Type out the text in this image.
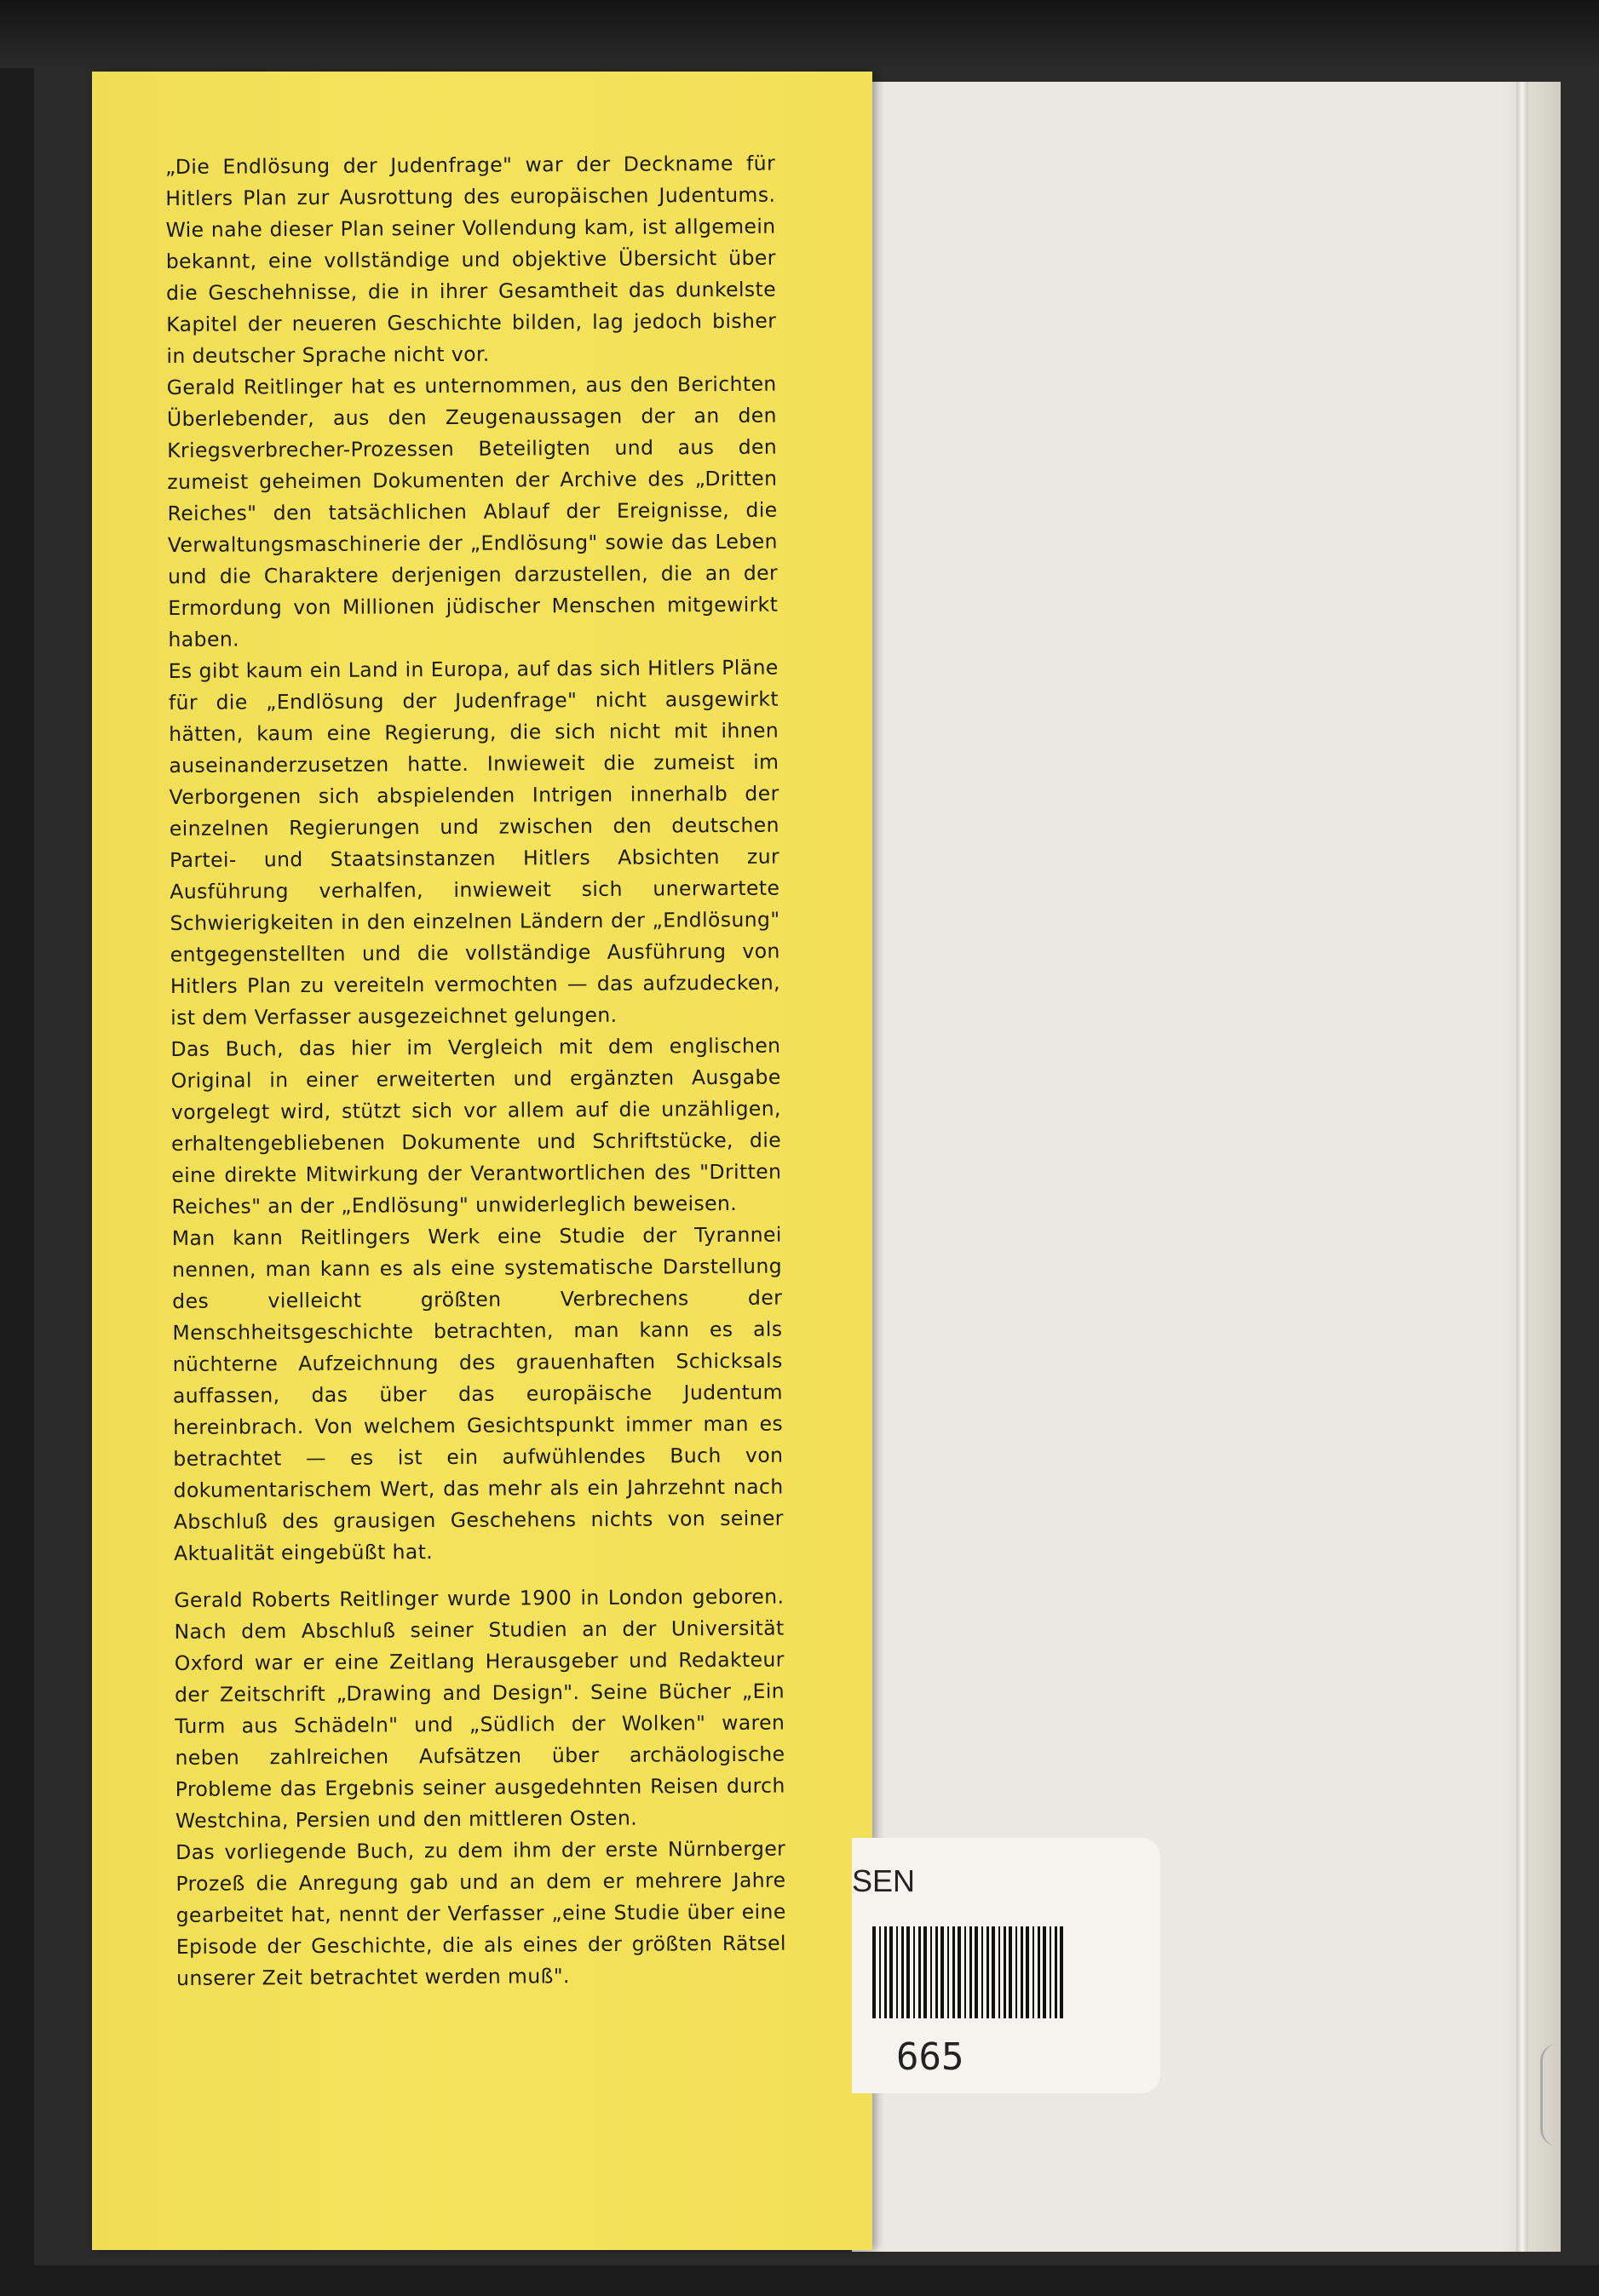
„Die Endlösung der Judenfrage" war der Deckname für Hitlers Plan zur Ausrottung des europäischen Judentums. Wie nahe dieser Plan seiner Vollendung kam, ist allgemein bekannt, eine vollständige und objektive Übersicht über die Geschehnisse, die in ihrer Gesamtheit das dunkelste Kapitel der neueren Geschichte bilden, lag jedoch bisher in deutscher Sprache nicht vor.

Gerald Reitlinger hat es unternommen, aus den Berichten Überlebender, aus den Zeugenaussagen der an den Kriegsverbrecher-Prozessen Beteiligten und aus den zumeist geheimen Dokumenten der Archive des „Dritten Reiches" den tatsächlichen Ablauf der Ereignisse, die Verwaltungsmaschinerie der „Endlösung" sowie das Leben und die Charaktere derjenigen darzustellen, die an der Ermordung von Millionen jüdischer Menschen mitgewirkt haben.

Es gibt kaum ein Land in Europa, auf das sich Hitlers Pläne für die „Endlösung der Judenfrage" nicht ausgewirkt hätten, kaum eine Regierung, die sich nicht mit ihnen auseinanderzusetzen hatte. Inwieweit die zumeist im Verborgenen sich abspielenden Intrigen innerhalb der einzelnen Regierungen und zwischen den deutschen Partei- und Staatsinstanzen Hitlers Absichten zur Ausführung verhalfen, inwieweit sich unerwartete Schwierigkeiten in den einzelnen Ländern der „Endlösung" entgegenstellten und die vollständige Ausführung von Hitlers Plan zu vereiteln vermochten — das aufzudecken, ist dem Verfasser ausgezeichnet gelungen.

Das Buch, das hier im Vergleich mit dem englischen Original in einer erweiterten und ergänzten Ausgabe vorgelegt wird, stützt sich vor allem auf die unzähligen, erhaltengebliebenen Dokumente und Schriftstücke, die eine direkte Mitwirkung der Verantwortlichen des "Dritten Reiches" an der „Endlösung" unwiderleglich beweisen.

Man kann Reitlingers Werk eine Studie der Tyrannei nennen, man kann es als eine systematische Darstellung des vielleicht größten Verbrechens der Menschheitsgeschichte betrachten, man kann es als nüchterne Aufzeichnung des grauenhaften Schicksals auffassen, das über das europäische Judentum hereinbrach. Von welchem Gesichtspunkt immer man es betrachtet — es ist ein aufwühlendes Buch von dokumentarischem Wert, das mehr als ein Jahrzehnt nach Abschluß des grausigen Geschehens nichts von seiner Aktualität eingebüßt hat.

Gerald Roberts Reitlinger wurde 1900 in London geboren. Nach dem Abschluß seiner Studien an der Universität Oxford war er eine Zeitlang Herausgeber und Redakteur der Zeitschrift „Drawing and Design". Seine Bücher „Ein Turm aus Schädeln" und „Südlich der Wolken" waren neben zahlreichen Aufsätzen über archäologische Probleme das Ergebnis seiner ausgedehnten Reisen durch Westchina, Persien und den mittleren Osten.

Das vorliegende Buch, zu dem ihm der erste Nürnberger Prozeß die Anregung gab und an dem er mehrere Jahre gearbeitet hat, nennt der Verfasser „eine Studie über eine Episode der Geschichte, die als eines der größten Rätsel unserer Zeit betrachtet werden muß".

SEN
665
